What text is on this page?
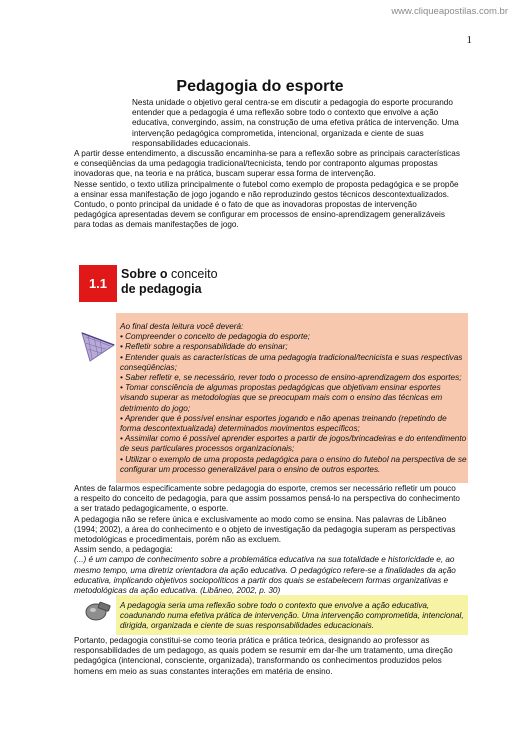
www.cliqueapostilas.com.br
1
Pedagogia do esporte

Nesta unidade o objetivo geral centra-se em discutir a pedagogia do esporte procurando entender que a pedagogia é uma reflexão sobre todo o contexto que envolve a ação educativa, convergindo, assim, na construção de uma efetiva prática de intervenção. Uma intervenção pedagógica comprometida, intencional, organizada e ciente de suas responsabilidades educacionais.

A partir desse entendimento, a discussão encaminha-se para a reflexão sobre as principais características e conseqüências da uma pedagogia tradicional/tecnicista, tendo por contraponto algumas propostas inovadoras que, na teoria e na prática, buscam superar essa forma de intervenção.

Nesse sentido, o texto utiliza principalmente o futebol como exemplo de proposta pedagógica e se propõe a ensinar essa manifestação de jogo jogando e não reproduzindo gestos técnicos descontextualizados.

Contudo, o ponto principal da unidade é o fato de que as inovadoras propostas de intervenção pedagógica apresentadas devem se configurar em processos de ensino-aprendizagem generalizáveis para todas as demais manifestações de jogo.

1.1
Sobre o conceito
de pedagogia

Ao final desta leitura você deverá:

• Compreender o conceito de pedagogia do esporte;

• Refletir sobre a responsabilidade do ensinar;

• Entender quais as características de uma pedagogia tradicional/tecnicista e suas respectivas conseqüências;

• Saber refletir e, se necessário, rever todo o processo de ensino-aprendizagem dos esportes;

• Tomar consciência de algumas propostas pedagógicas que objetivam ensinar esportes visando superar as metodologias que se preocupam mais com o ensino das técnicas em detrimento do jogo;

• Aprender que é possível ensinar esportes jogando e não apenas treinando (repetindo de forma descontextualizada) determinados movimentos específicos;

• Assimilar como é possível aprender esportes a partir de jogos/brincadeiras e do entendimento de seus particulares processos organizacionais;

• Utilizar o exemplo de uma proposta pedagógica para o ensino do futebol na perspectiva de se configurar um processo generalizável para o ensino de outros esportes.

Antes de falarmos especificamente sobre pedagogia do esporte, cremos ser necessário refletir um pouco a respeito do conceito de pedagogia, para que assim possamos pensá-lo na perspectiva do conhecimento a ser tratado pedagogicamente, o esporte.

A pedagogia não se refere única e exclusivamente ao modo como se ensina. Nas palavras de Libâneo (1994; 2002), a área do conhecimento e o objeto de investigação da pedagogia superam as perspectivas metodológicas e procedimentais, porém não as excluem.

Assim sendo, a pedagogia:

(...) é um campo de conhecimento sobre a problemática educativa na sua totalidade e historicidade e, ao mesmo tempo, uma diretriz orientadora da ação educativa. O pedagógico refere-se a finalidades da ação educativa, implicando objetivos sociopolíticos a partir dos quais se estabelecem formas organizativas e metodológicas da ação educativa. (Libâneo, 2002, p. 30)

A pedagogia seria uma reflexão sobre todo o contexto que envolve a ação educativa, coadunando numa efetiva prática de intervenção. Uma intervenção comprometida, intencional, dirigida, organizada e ciente de suas responsabilidades educacionais.

Portanto, pedagogia constitui-se como teoria prática e prática teórica, designando ao professor as responsabilidades de um pedagogo, as quais podem se resumir em dar-lhe um tratamento, uma direção pedagógica (intencional, consciente, organizada), transformando os conhecimentos produzidos pelos homens em meio as suas constantes interações em matéria de ensino.
